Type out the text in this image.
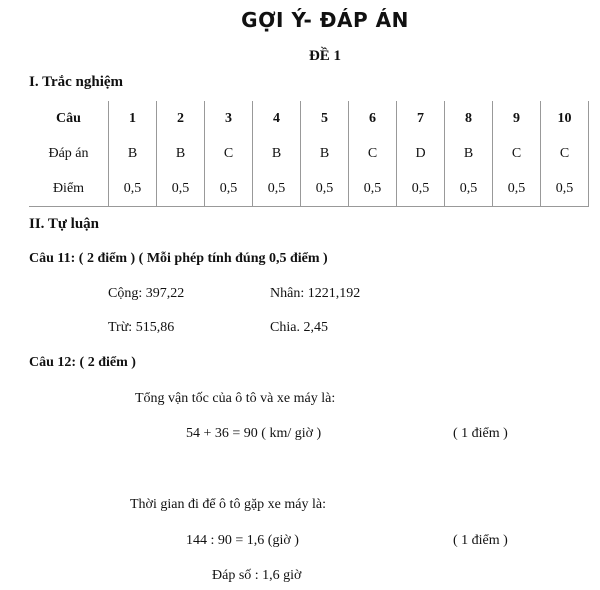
GỢI Ý- ĐÁP ÁN
ĐỀ 1
I. Trắc nghiệm
Câu	1	2	3	4	5	6	7	8	9	10
Đáp án	B	B	C	B	B	C	D	B	C	C
Điểm	0,5	0,5	0,5	0,5	0,5	0,5	0,5	0,5	0,5	0,5
II. Tự luận
Câu 11: ( 2 điểm ) ( Mỗi phép tính đúng 0,5 điểm )
Cộng: 397,22	Nhân: 1221,192
Trừ: 515,86	Chia. 2,45
Câu 12: ( 2 điểm )
Tổng vận tốc của ô tô và xe máy là:
54 + 36 = 90 ( km/ giờ )	( 1 điểm )
Thời gian đi để ô tô gặp xe máy là:
144 : 90 = 1,6 (giờ )	( 1 điểm )
Đáp số : 1,6 giờ
